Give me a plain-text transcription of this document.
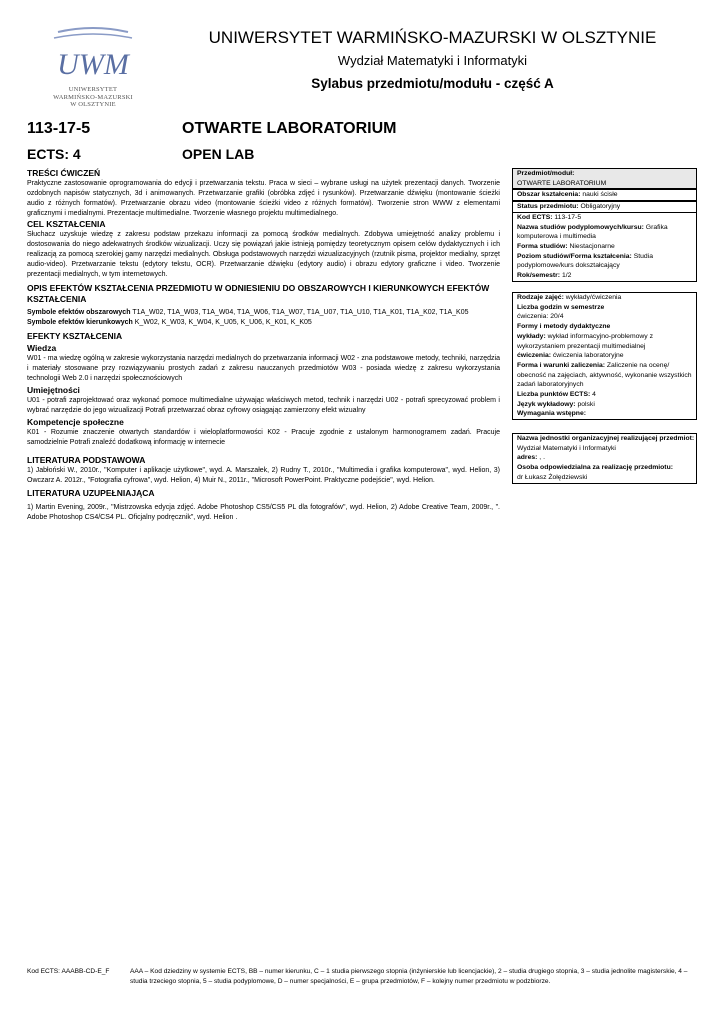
UWM
UNIWERSYTET
WARMIŃSKO-MAZURSKI
W OLSZTYNIE
UNIWERSYTET WARMIŃSKO-MAZURSKI W OLSZTYNIE
Wydział Matematyki i Informatyki
Sylabus przedmiotu/modułu - część A
113-17-5	OTWARTE LABORATORIUM
ECTS: 4	OPEN LAB
TREŚCI ĆWICZEŃ

Praktyczne zastosowanie oprogramowania do edycji i przetwarzania tekstu. Praca w sieci – wybrane usługi na użytek prezentacji danych. Tworzenie ozdobnych napisów statycznych, 3d i animowanych. Przetwarzanie grafiki (obróbka zdjęć i rysunków). Przetwarzanie dźwięku (montowanie ścieżki audio z różnych formatów). Przetwarzanie obrazu video (montowanie ścieżki video z różnych formatów). Tworzenie stron WWW z elementami graficznymi i medialnymi. Prezentacje multimedialne. Tworzenie własnego projektu multimedialnego.

CEL KSZTAŁCENIA

Słuchacz uzyskuje wiedzę z zakresu podstaw przekazu informacji za pomocą środków medialnych. Zdobywa umiejętność analizy problemu i dostosowania do niego adekwatnych środków wizualizacji. Uczy się powiązań jakie istnieją pomiędzy teoretycznym opisem celów dydaktycznych i ich realizacją za pomocą szerokiej gamy narzędzi medialnych. Obsługa podstawowych narzędzi wizualizacyjnych (rzutnik pisma, projektor medialny, sprzęt audio-video). Przetwarzanie tekstu (edytory tekstu, OCR). Przetwarzanie dźwięku (edytory audio) i obrazu edytory graficzne i video. Tworzenie prezentacji medialnych, w tym internetowych.

OPIS EFEKTÓW KSZTAŁCENIA PRZEDMIOTU W ODNIESIENIU DO OBSZAROWYCH I KIERUNKOWYCH EFEKTÓW KSZTAŁCENIA

Symbole efektów obszarowych T1A_W02, T1A_W03, T1A_W04, T1A_W06, T1A_W07, T1A_U07, T1A_U10, T1A_K01, T1A_K02, T1A_K05

Symbole efektów kierunkowych K_W02, K_W03, K_W04, K_U05, K_U06, K_K01, K_K05

EFEKTY KSZTAŁCENIA
Wiedza

W01 - ma wiedzę ogólną w zakresie wykorzystania narzędzi medialnych do przetwarzania informacji W02 - zna podstawowe metody, techniki, narzędzia i materiały stosowane przy rozwiązywaniu prostych zadań z zakresu nauczanych przedmiotów W03 - posiada wiedzę z zakresu wykorzystania technologii Web 2.0 i narzędzi społecznościowych

Umiejętności

U01 - potrafi zaprojektować oraz wykonać pomoce multimedialne używając właściwych metod, technik i narzędzi U02 - potrafi sprecyzować problem i wybrać narzędzie do jego wizualizacji Potrafi przetwarzać obraz cyfrowy osiągając zamierzony efekt wizualny

Kompetencje społeczne

K01 - Rozumie znaczenie otwartych standardów i wieloplatformowości K02 - Pracuje zgodnie z ustalonym harmonogramem zadań. Pracuje samodzielnie Potrafi znaleźć dodatkową informację w internecie

LITERATURA PODSTAWOWA

1) Jabłoński W., 2010r., "Komputer i aplikacje użytkowe", wyd. A. Marszałek, 2) Rudny T., 2010r., "Multimedia i grafika komputerowa", wyd. Helion, 3) Owczarz A. 2012r., "Fotografia cyfrowa", wyd. Helion, 4) Muir N., 2011r., "Microsoft PowerPoint. Praktyczne podejście", wyd. Helion.

LITERATURA UZUPEŁNIAJĄCA

1) Martin Evening, 2009r., "Mistrzowska edycja zdjęć. Adobe Photoshop CS5/CS5 PL dla fotografów", wyd. Helion, 2) Adobe Creative Team, 2009r., ". Adobe Photoshop CS4/CS4 PL. Oficjalny podręcznik", wyd. Helion .

Przedmiot/moduł:
OTWARTE LABORATORIUM
Obszar kształcenia: nauki ścisłe
Status przedmiotu: Obligatoryjny
Kod ECTS: 113-17-5
Nazwa studiów podyplomowych/kursu: Grafika komputerowa i multimedia
Forma studiów: Niestacjonarne
Poziom studiów/Forma kształcenia: Studia podyplomowe/kurs dokształcający
Rok/semestr: 1/2
Rodzaje zajęć: wykłady/ćwiczenia
Liczba godzin w semestrze
ćwiczenia: 20/4
Formy i metody dydaktyczne
wykłady: wykład informacyjno-problemowy z wykorzystaniem prezentacji multimedialnej
ćwiczenia: ćwiczenia laboratoryjne
Forma i warunki zaliczenia: Zaliczenie na ocenę/ obecność na zajęciach, aktywność, wykonanie wszystkich zadań laboratoryjnych
Liczba punktów ECTS: 4
Język wykładowy: polski
Wymagania wstępne:
Nazwa jednostki organizacyjnej realizującej przedmiot:
Wydział Matematyki i Informatyki
adres: , .
Osoba odpowiedzialna za realizację przedmiotu:
dr Łukasz Żołędziewski
Kod ECTS: AAABB-CD-E_F	AAA – Kod dziedziny w systemie ECTS, BB – numer kierunku, C – 1 studia pierwszego stopnia (inżynierskie lub licencjackie), 2 – studia drugiego stopnia, 3 – studia jednolite magisterskie, 4 – studia trzeciego stopnia, 5 – studia podyplomowe, D – numer specjalności, E – grupa przedmiotów, F – kolejny numer przedmiotu w podzbiorze.
